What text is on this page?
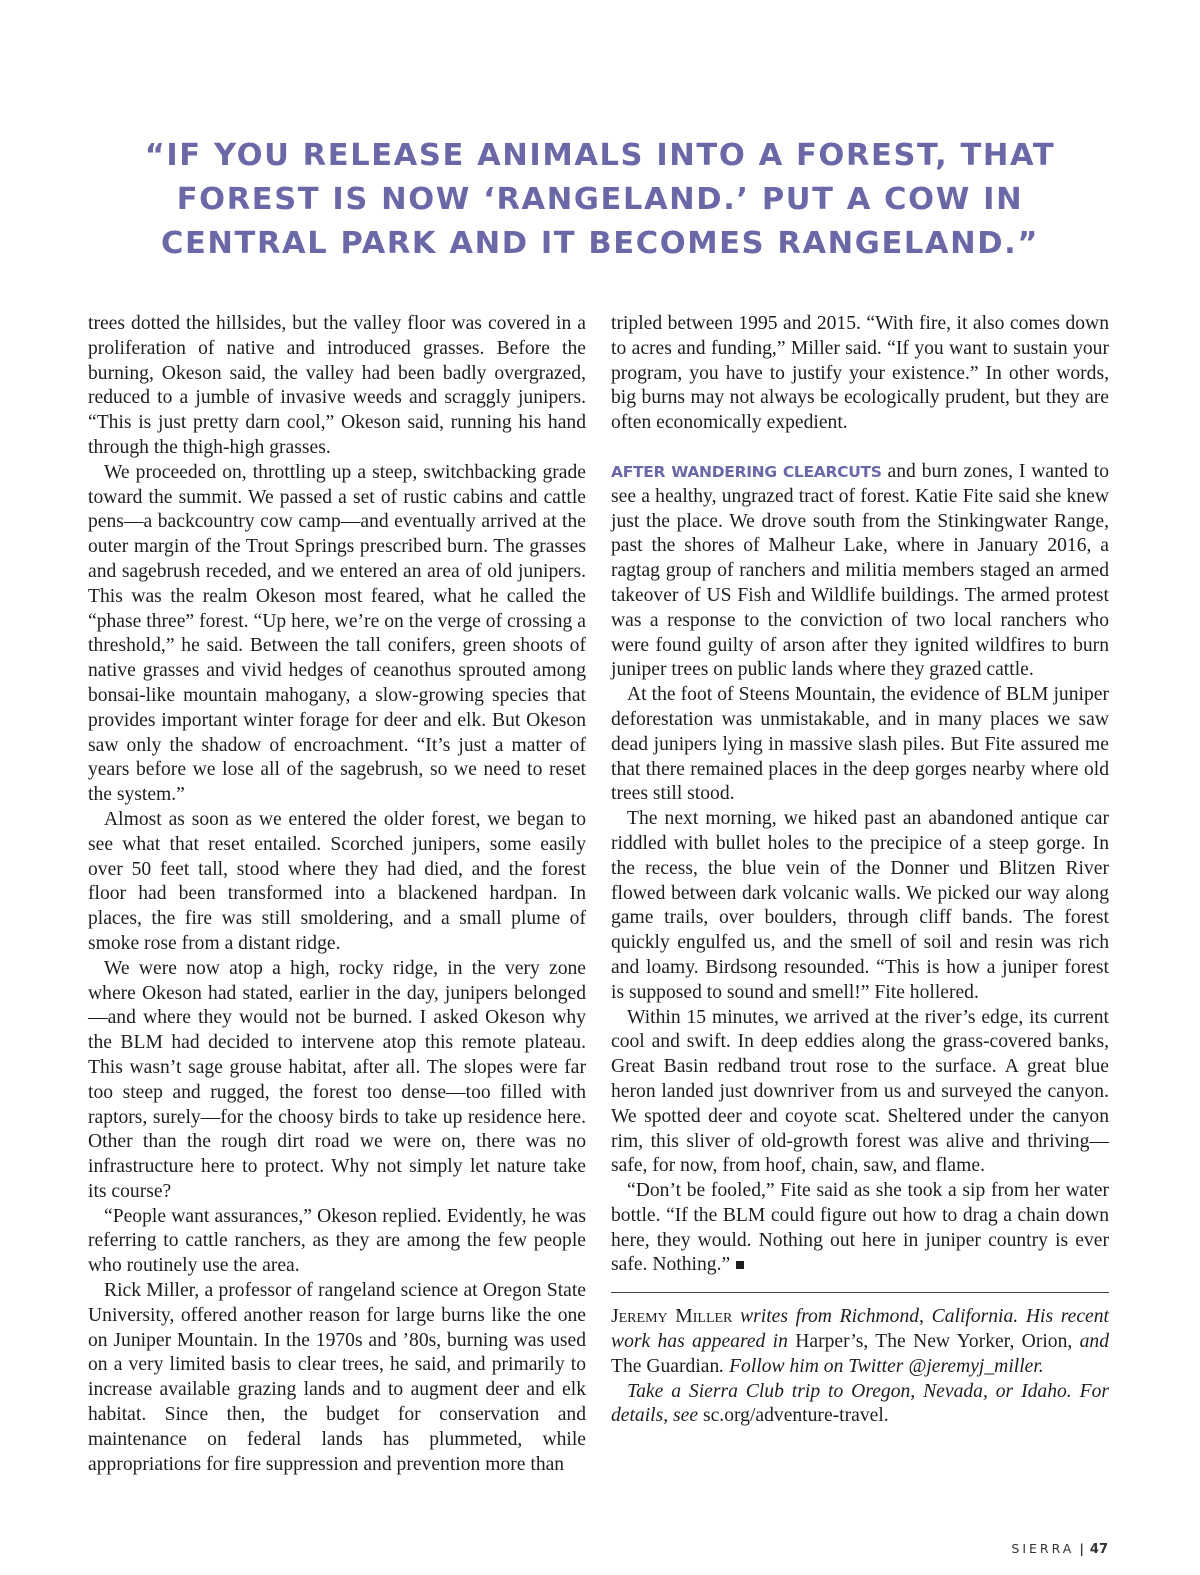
“IF YOU RELEASE ANIMALS INTO A FOREST, THAT
FOREST IS NOW ‘RANGELAND.’ PUT A COW IN
CENTRAL PARK AND IT BECOMES RANGELAND.”

trees dotted the hillsides, but the valley floor was covered in a proliferation of native and introduced grasses. Before the burning, Okeson said, the valley had been badly overgrazed, reduced to a jumble of invasive weeds and scraggly junipers. “This is just pretty darn cool,” Okeson said, running his hand through the thigh-high grasses.

We proceeded on, throttling up a steep, switchbacking grade toward the summit. We passed a set of rustic cabins and cattle pens—a backcountry cow camp—and eventually arrived at the outer margin of the Trout Springs prescribed burn. The grasses and sagebrush receded, and we entered an area of old junipers. This was the realm Okeson most feared, what he called the “phase three” forest. “Up here, we’re on the verge of crossing a threshold,” he said. Between the tall conifers, green shoots of native grasses and vivid hedges of ceanothus sprouted among bonsai-like mountain mahogany, a slow-growing species that provides important winter forage for deer and elk. But Okeson saw only the shadow of encroachment. “It’s just a matter of years before we lose all of the sagebrush, so we need to reset the system.”

Almost as soon as we entered the older forest, we began to see what that reset entailed. Scorched junipers, some easily over 50 feet tall, stood where they had died, and the forest floor had been transformed into a blackened hardpan. In places, the fire was still smoldering, and a small plume of smoke rose from a distant ridge.

We were now atop a high, rocky ridge, in the very zone where Okeson had stated, earlier in the day, junipers belonged—and where they would not be burned. I asked Okeson why the BLM had decided to intervene atop this remote plateau. This wasn’t sage grouse habitat, after all. The slopes were far too steep and rugged, the forest too dense—too filled with raptors, surely—for the choosy birds to take up residence here. Other than the rough dirt road we were on, there was no infrastructure here to protect. Why not simply let nature take its course?

“People want assurances,” Okeson replied. Evidently, he was referring to cattle ranchers, as they are among the few people who routinely use the area.

Rick Miller, a professor of rangeland science at Oregon State University, offered another reason for large burns like the one on Juniper Mountain. In the 1970s and ’80s, burning was used on a very limited basis to clear trees, he said, and primarily to increase available grazing lands and to augment deer and elk habitat. Since then, the budget for conservation and maintenance on federal lands has plummeted, while appropriations for fire suppression and prevention more than

tripled between 1995 and 2015. “With fire, it also comes down to acres and funding,” Miller said. “If you want to sustain your program, you have to justify your existence.” In other words, big burns may not always be ecologically prudent, but they are often economically expedient.

AFTER WANDERING CLEARCUTS and burn zones, I wanted to see a healthy, ungrazed tract of forest. Katie Fite said she knew just the place. We drove south from the Stinkingwater Range, past the shores of Malheur Lake, where in January 2016, a ragtag group of ranchers and militia members staged an armed takeover of US Fish and Wildlife buildings. The armed protest was a response to the conviction of two local ranchers who were found guilty of arson after they ignited wildfires to burn juniper trees on public lands where they grazed cattle.

At the foot of Steens Mountain, the evidence of BLM juniper deforestation was unmistakable, and in many places we saw dead junipers lying in massive slash piles. But Fite assured me that there remained places in the deep gorges nearby where old trees still stood.

The next morning, we hiked past an abandoned antique car riddled with bullet holes to the precipice of a steep gorge. In the recess, the blue vein of the Donner und Blitzen River flowed between dark volcanic walls. We picked our way along game trails, over boulders, through cliff bands. The forest quickly engulfed us, and the smell of soil and resin was rich and loamy. Birdsong resounded. “This is how a juniper forest is supposed to sound and smell!” Fite hollered.

Within 15 minutes, we arrived at the river’s edge, its current cool and swift. In deep eddies along the grass-covered banks, Great Basin redband trout rose to the surface. A great blue heron landed just downriver from us and surveyed the canyon. We spotted deer and coyote scat. Sheltered under the canyon rim, this sliver of old-growth forest was alive and thriving—safe, for now, from hoof, chain, saw, and flame.

“Don’t be fooled,” Fite said as she took a sip from her water bottle. “If the BLM could figure out how to drag a chain down here, they would. Nothing out here in juniper country is ever safe. Nothing.”

Jeremy Miller writes from Richmond, California. His recent work has appeared in Harper’s, The New Yorker, Orion, and The Guardian. Follow him on Twitter @jeremyj_miller.

Take a Sierra Club trip to Oregon, Nevada, or Idaho. For details, see sc.org/adventure-travel.

SIERRA | 47
